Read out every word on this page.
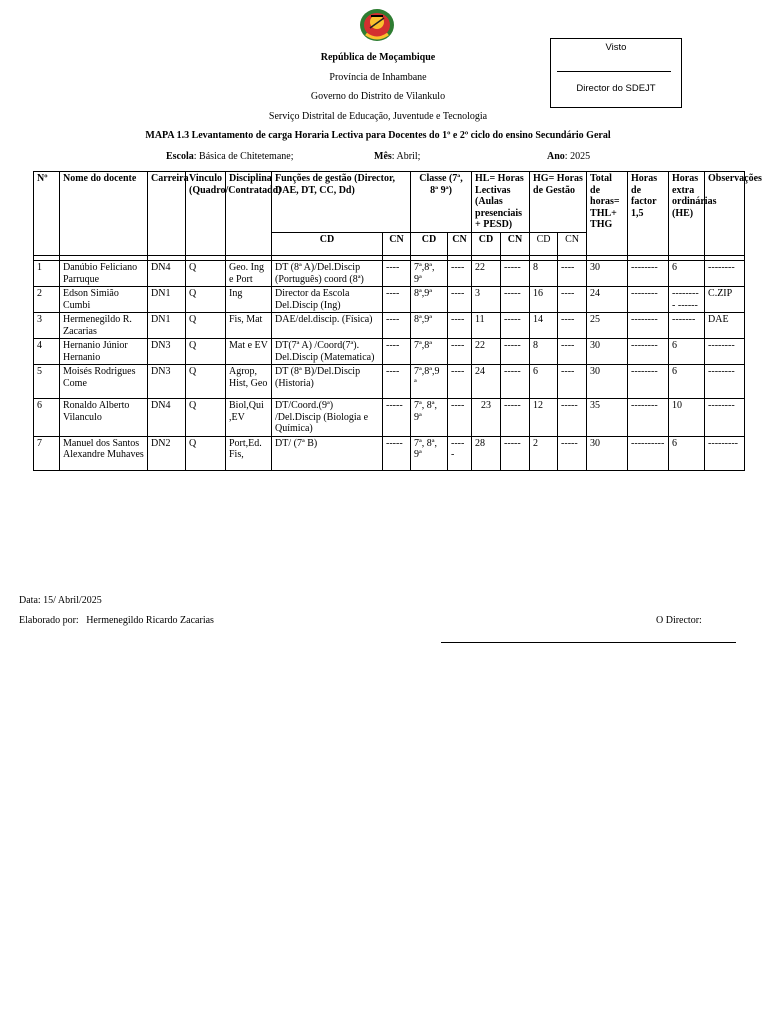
Visto
Director do SDEJT
República de Moçambique
Província de Inhambane
Governo do Distrito de Vilankulo
Serviço Distrital de Educação, Juventude e Tecnologia
MAPA 1.3 Levantamento de carga Horaria Lectiva para Docentes do 1º e 2º ciclo do ensino Secundário Geral
Escola: Básica de Chitetemane;	Mês: Abril;	Ano: 2025
Nº	Nome do docente	Carreira	Vinculo (Quadro/Contratado)	Disciplina	Funções de gestão (Director, DAE, DT, CC, Dd)		Classe (7ª, 8ª 9ª)		HL= Horas Lectivas (Aulas presenciais + PESD)		HG= Horas de Gestão		Total de horas= THL+ THG	Horas de factor 1,5	Horas extra ordinárias (HE)	Observações
					CD	CN	CD	CN	CD	CN	CD	CN				

1	Danúbio Feliciano Parruque	DN4	Q	Geo. Ing e Port	DT (8ª A)/Del.Discip (Português) coord (8ª)	----	7ª,8ª, 9ª	----	22	-----	8	----	30	--------	6	--------
2	Edson Simião Cumbi	DN1	Q	Ing	Director da Escola Del.Discip (Ing)	----	8ª,9ª	----	3	-----	16	----	24	--------	--------- ------	C.ZIP
3	Hermenegildo R. Zacarias	DN1	Q	Fis, Mat	DAE/del.discip. (Física)	----	8ª,9ª	----	11	-----	14	----	25	--------	-------	DAE
4	Hernanio Júnior Hernanio	DN3	Q	Mat e EV	DT(7ª A) /Coord(7ª). Del.Discip (Matematica)	----	7ª,8ª	----	22	-----	8	----	30	--------	6	--------
5	Moisés Rodrigues Come	DN3	Q	Agrop, Hist, Geo	DT (8ª B)/Del.Discip (Historia)	----	7ª,8ª,9 ª	----	24	-----	6	----	30	--------	6	--------
6	Ronaldo Alberto Vilanculo	DN4	Q	Biol,Qui ,EV	DT/Coord.(9ª) /Del.Discip (Biologia e Química)	-----	7ª, 8ª, 9ª	----	23	-----	12	-----	35	--------	10	--------
7	Manuel dos Santos Alexandre Muhaves	DN2	Q	Port,Ed. Fis,	DT/ (7ª B)	-----	7ª, 8ª, 9ª	---- -	28	-----	2	-----	30	----------	6	---------
Data: 15/ Abril/2025
Elaborado por: Hermenegildo Ricardo Zacarias	O Director:
